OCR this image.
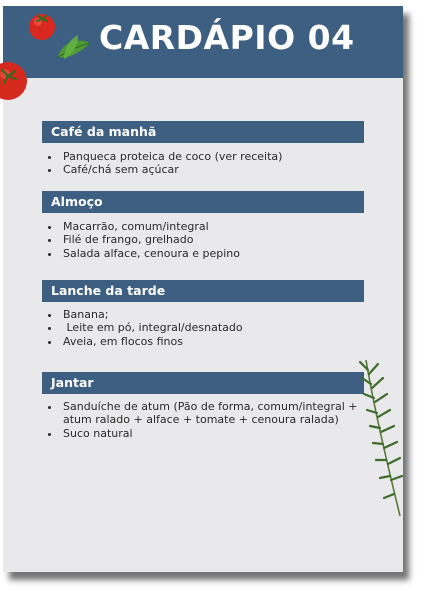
CARDÁPIO 04
Café da manhã
• Panqueca proteica de coco (ver receita)
• Café/chá sem açúcar
Almoço
• Macarrão, comum/integral
• Filé de frango, grelhado
• Salada alface, cenoura e pepino
Lanche da tarde
• Banana;
•  Leite em pó, integral/desnatado
• Aveia, em flocos finos
Jantar
• Sanduíche de atum (Pão de forma, comum/integral + atum ralado + alface + tomate + cenoura ralada)
• Suco natural
